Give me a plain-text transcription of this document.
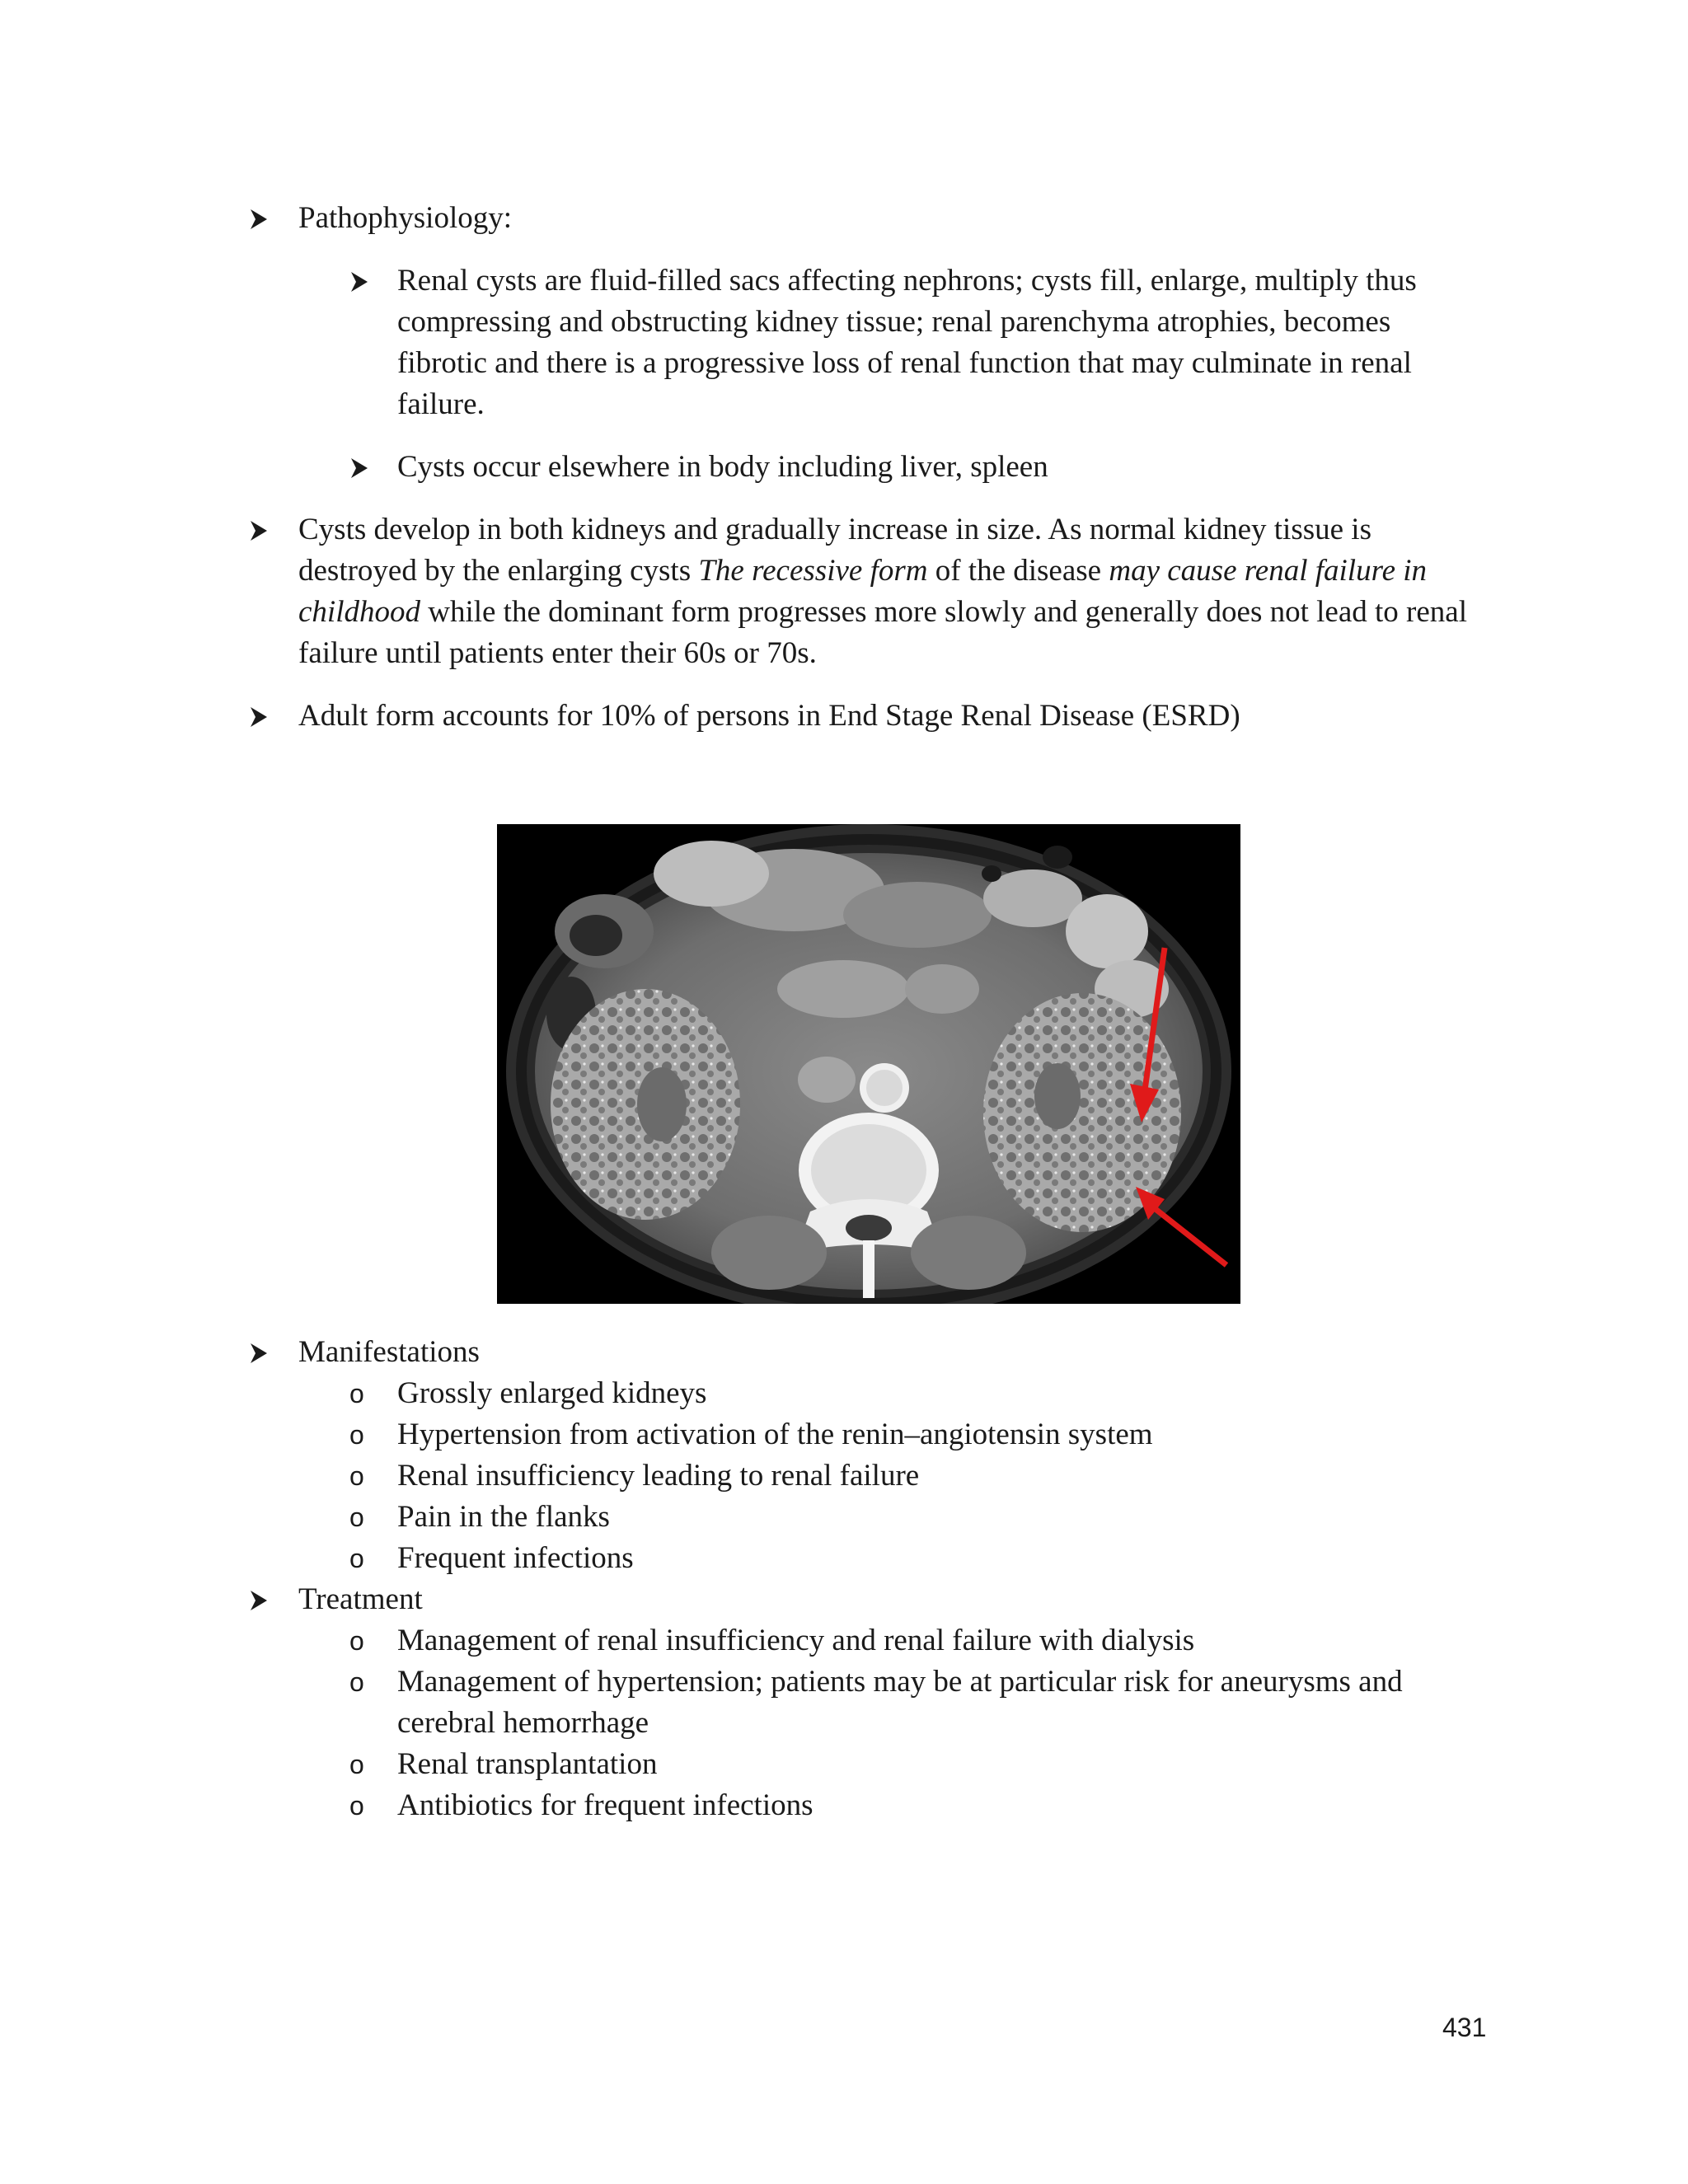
Pathophysiology:

Renal cysts are fluid-filled sacs affecting nephrons; cysts fill, enlarge, multiply thus compressing and obstructing kidney tissue; renal parenchyma atrophies, becomes fibrotic and there is a progressive loss of renal function that may culminate in renal failure.

Cysts occur elsewhere in body including liver, spleen

Cysts develop in both kidneys and gradually increase in size. As normal kidney tissue is destroyed by the enlarging cysts The recessive form of the disease may cause renal failure in childhood while the dominant form progresses more slowly and generally does not lead to renal failure until patients enter their 60s or 70s.

Adult form accounts for 10% of persons in End Stage Renal Disease (ESRD)

Manifestations

o Grossly enlarged kidneys

o Hypertension from activation of the renin–angiotensin system

o Renal insufficiency leading to renal failure

o Pain in the flanks

o Frequent infections

Treatment

o Management of renal insufficiency and renal failure with dialysis

o Management of hypertension; patients may be at particular risk for aneurysms and cerebral hemorrhage

o Renal transplantation

o Antibiotics for frequent infections

431
